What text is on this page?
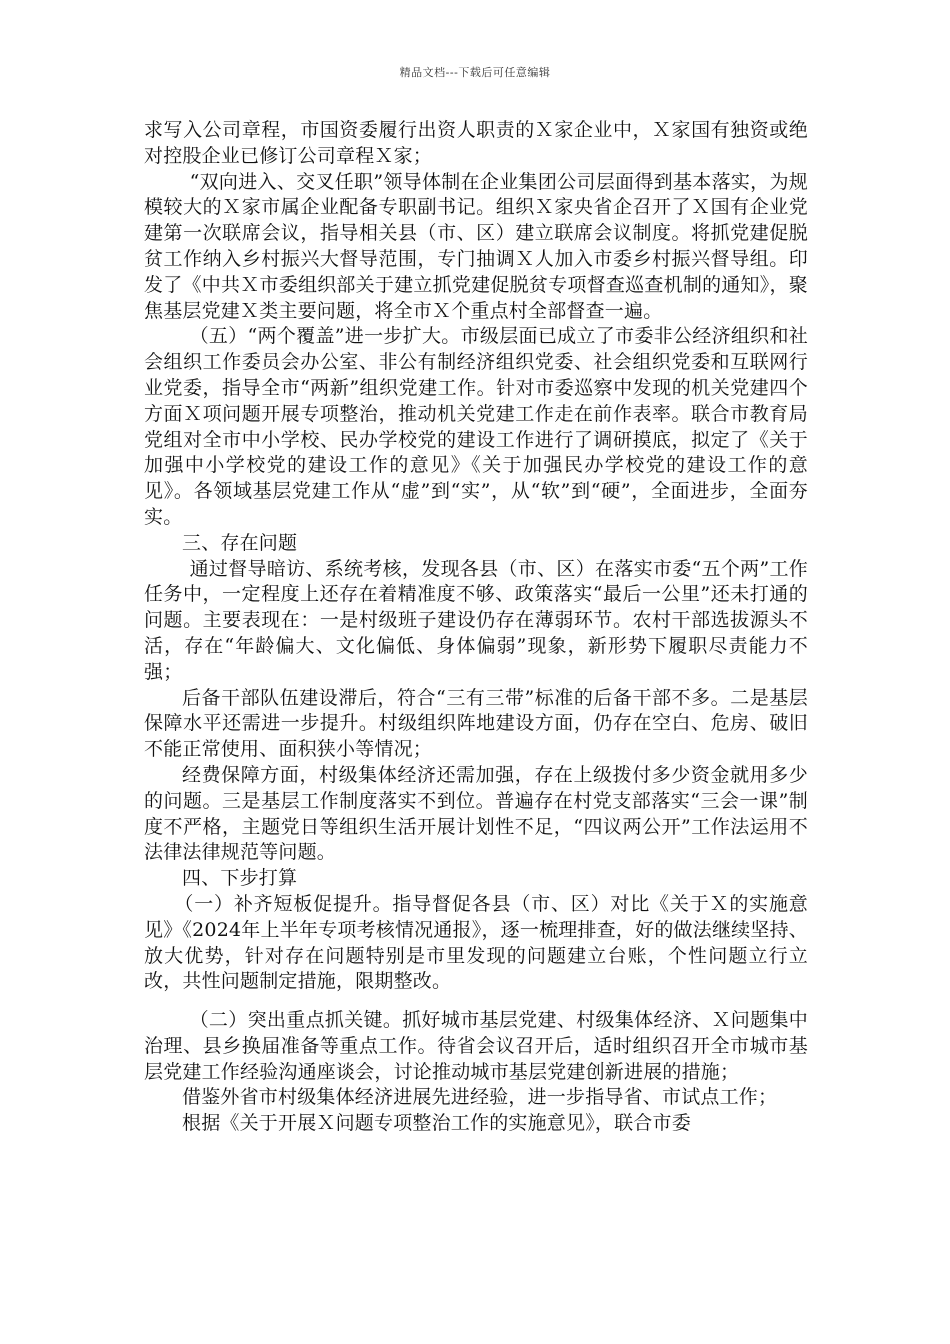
精品文档---下载后可任意编辑

求写入公司章程，市国资委履行出资人职责的Ｘ家企业中，Ｘ家国有独资或绝对控股企业已修订公司章程Ｘ家；

“双向进入、交叉任职”领导体制在企业集团公司层面得到基本落实，为规模较大的Ｘ家市属企业配备专职副书记。组织Ｘ家央省企召开了Ｘ国有企业党建第一次联席会议，指导相关县（市、区）建立联席会议制度。将抓党建促脱贫工作纳入乡村振兴大督导范围，专门抽调Ｘ人加入市委乡村振兴督导组。印发了《中共Ｘ市委组织部关于建立抓党建促脱贫专项督查巡查机制的通知》，聚焦基层党建Ｘ类主要问题，将全市Ｘ个重点村全部督查一遍。

（五）“两个覆盖”进一步扩大。市级层面已成立了市委非公经济组织和社会组织工作委员会办公室、非公有制经济组织党委、社会组织党委和互联网行业党委，指导全市“两新”组织党建工作。针对市委巡察中发现的机关党建四个方面Ｘ项问题开展专项整治，推动机关党建工作走在前作表率。联合市教育局党组对全市中小学校、民办学校党的建设工作进行了调研摸底，拟定了《关于加强中小学校党的建设工作的意见》《关于加强民办学校党的建设工作的意见》。各领域基层党建工作从“虚”到“实”，从“软”到“硬”，全面进步，全面夯实。

三、存在问题

通过督导暗访、系统考核，发现各县（市、区）在落实市委“五个两”工作任务中，一定程度上还存在着精准度不够、政策落实“最后一公里”还未打通的问题。主要表现在：一是村级班子建设仍存在薄弱环节。农村干部选拔源头不活，存在“年龄偏大、文化偏低、身体偏弱”现象，新形势下履职尽责能力不强；

后备干部队伍建设滞后，符合“三有三带”标准的后备干部不多。二是基层保障水平还需进一步提升。村级组织阵地建设方面，仍存在空白、危房、破旧不能正常使用、面积狭小等情况；

经费保障方面，村级集体经济还需加强，存在上级拨付多少资金就用多少的问题。三是基层工作制度落实不到位。普遍存在村党支部落实“三会一课”制度不严格，主题党日等组织生活开展计划性不足，“四议两公开”工作法运用不法律法律规范等问题。

四、下步打算

（一）补齐短板促提升。指导督促各县（市、区）对比《关于Ｘ的实施意见》《2024年上半年专项考核情况通报》，逐一梳理排查，好的做法继续坚持、放大优势，针对存在问题特别是市里发现的问题建立台账，个性问题立行立改，共性问题制定措施，限期整改。

（二）突出重点抓关键。抓好城市基层党建、村级集体经济、Ｘ问题集中治理、县乡换届准备等重点工作。待省会议召开后，适时组织召开全市城市基层党建工作经验沟通座谈会，讨论推动城市基层党建创新进展的措施；

借鉴外省市村级集体经济进展先进经验，进一步指导省、市试点工作；

根据《关于开展Ｘ问题专项整治工作的实施意见》，联合市委
